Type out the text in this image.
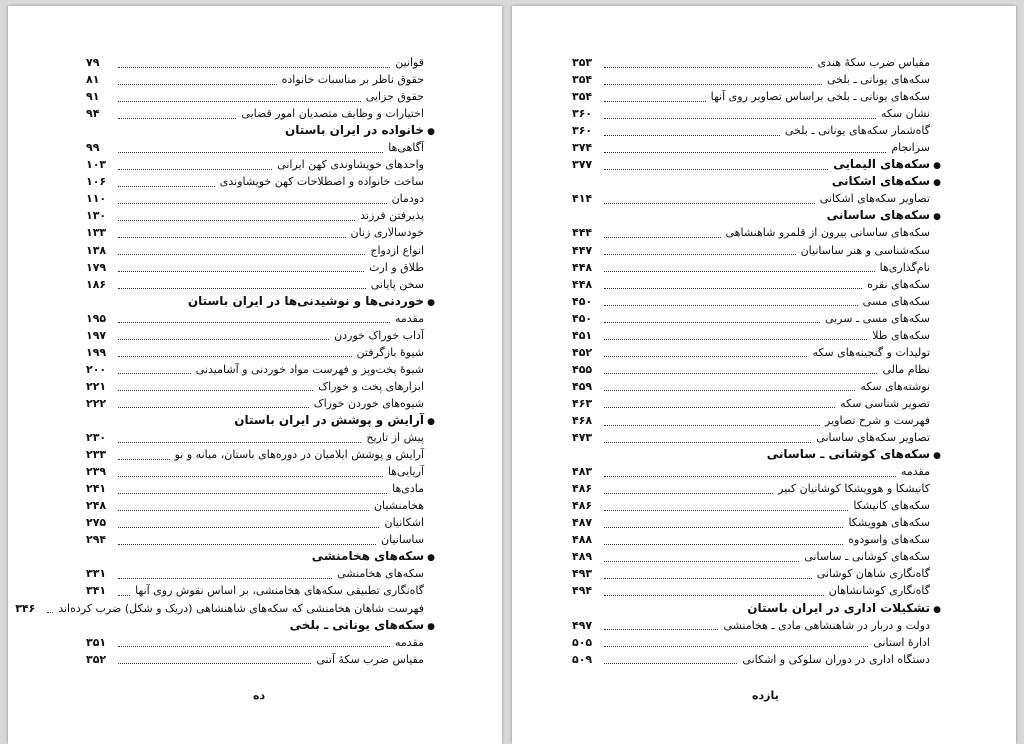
قوانین
۷۹
حقوق ناظر بر مناسبات خانواده
۸۱
حقوق جزایی
۹۱
اختیارات و وظایف متصدیان امور قضایی
۹۴
●
خانواده در ایران باستان
آگاهی‌ها
۹۹
واحدهای خویشاوندی کهن ایرانی
۱۰۳
ساخت خانواده و اصطلاحات کهن خویشاوندی
۱۰۶
دودمان
۱۱۰
پذیرفتن فرزند
۱۳۰
خودسالاری زنان
۱۳۳
انواع ازدواج
۱۳۸
طلاق و ارث
۱۷۹
سخن پایانی
۱۸۶
●
خوردنی‌ها و نوشیدنی‌ها در ایران باستان
مقدمه
۱۹۵
آداب خوراک خوردن
۱۹۷
شیوهٔ بازگرفتن
۱۹۹
شیوهٔ پخت‌وپز و فهرست مواد خوردنی و آشامیدنی
۲۰۰
ابزارهای پخت و خوراک
۲۲۱
شیوه‌های خوردن خوراک
۲۲۲
●
آرایش و پوشش در ایران باستان
پیش از تاریخ
۲۳۰
آرایش و پوشش ایلامیان در دوره‌های باستان، میانه و نو
۲۳۳
آریایی‌ها
۲۳۹
مادی‌ها
۲۴۱
هخامنشیان
۲۴۸
اشکانیان
۲۷۵
ساسانیان
۲۹۴
●
سکه‌های هخامنشی
سکه‌های هخامنشی
۳۳۱
گاه‌نگاری تطبیقی سکه‌های هخامنشی، بر اساس نقوش روی آنها
۳۴۱
فهرست شاهان هخامنشی که سکه‌های شاهنشاهی (دریک و شکل) ضرب کرده‌اند
۳۴۶
●
سکه‌های یونانی ـ بلخی
مقدمه
۳۵۱
مقیاس ضرب سکهٔ آتنی
۳۵۲
ده
مقیاس ضرب سکهٔ هندی
۳۵۳
سکه‌های یونانی ـ بلخی
۳۵۴
سکه‌های یونانی ـ بلخی براساس تصاویر روی آنها
۳۵۴
نشان سکه
۳۶۰
گاه‌شمار سکه‌های یونانی ـ بلخی
۳۶۰
سرانجام
۳۷۴
●
سکه‌های الیمایی
۳۷۷
●
سکه‌های اشکانی
تصاویر سکه‌های اشکانی
۴۱۴
●
سکه‌های ساسانی
سکه‌های ساسانی بیرون از قلمرو شاهنشاهی
۴۴۴
سکه‌شناسی و هنر ساسانیان
۴۴۷
نام‌گذاری‌ها
۴۴۸
سکه‌های نقره
۴۴۸
سکه‌های مسی
۴۵۰
سکه‌های مسی ـ سربی
۴۵۰
سکه‌های طلا
۴۵۱
تولیدات و گنجینه‌های سکه
۴۵۲
نظام مالی
۴۵۵
نوشته‌های سکه
۴۵۹
تصویر شناسی سکه
۴۶۳
فهرست و شرح تصاویر
۴۶۸
تصاویر سکه‌های ساسانی
۴۷۳
●
سکه‌های کوشانی ـ ساسانی
مقدمه
۴۸۳
کانیشکا و هوویشکا کوشانیان کبیر
۴۸۶
سکه‌های کانیشکا
۴۸۶
سکه‌های هوویشکا
۴۸۷
سکه‌های واسودوه
۴۸۸
سکه‌های کوشانی ـ ساسانی
۴۸۹
گاه‌نگاری شاهان کوشانی
۴۹۳
گاه‌نگاری کوشانشاهان
۴۹۴
●
تشکیلات اداری در ایران باستان
دولت و دربار در شاهنشاهی مادی ـ هخامنشی
۴۹۷
ادارهٔ استانی
۵۰۵
دستگاه اداری در دوران سلوکی و اشکانی
۵۰۹
یازده
